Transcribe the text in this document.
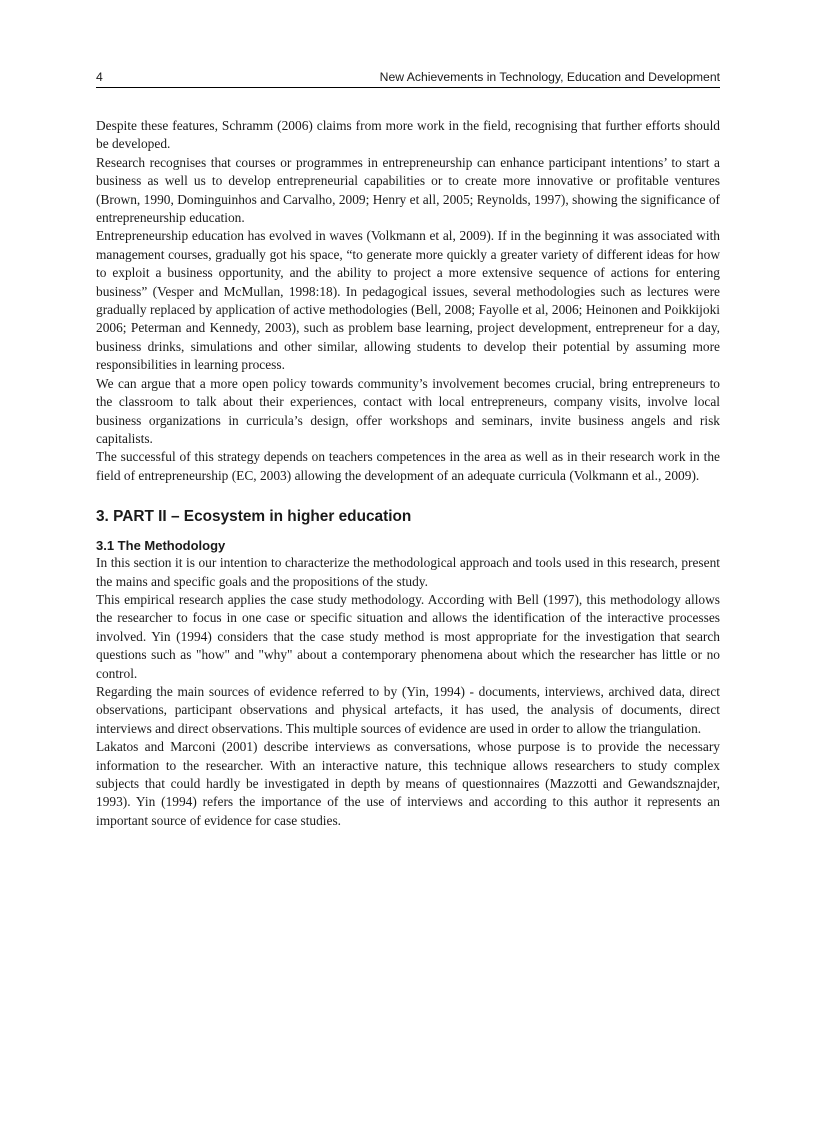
4	New Achievements in Technology, Education and Development

Despite these features, Schramm (2006) claims from more work in the field, recognising that further efforts should be developed.

Research recognises that courses or programmes in entrepreneurship can enhance participant intentions’ to start a business as well us to develop entrepreneurial capabilities or to create more innovative or profitable ventures (Brown, 1990, Dominguinhos and Carvalho, 2009; Henry et all, 2005; Reynolds, 1997), showing the significance of entrepreneurship education.

Entrepreneurship education has evolved in waves (Volkmann et al, 2009). If in the beginning it was associated with management courses, gradually got his space, “to generate more quickly a greater variety of different ideas for how to exploit a business opportunity, and the ability to project a more extensive sequence of actions for entering business” (Vesper and McMullan, 1998:18). In pedagogical issues, several methodologies such as lectures were gradually replaced by application of active methodologies (Bell, 2008; Fayolle et al, 2006; Heinonen and Poikkijoki 2006; Peterman and Kennedy, 2003), such as problem base learning, project development, entrepreneur for a day, business drinks, simulations and other similar, allowing students to develop their potential by assuming more responsibilities in learning process.

We can argue that a more open policy towards community’s involvement becomes crucial, bring entrepreneurs to the classroom to talk about their experiences, contact with local entrepreneurs, company visits, involve local business organizations in curricula’s design, offer workshops and seminars, invite business angels and risk capitalists.

The successful of this strategy depends on teachers competences in the area as well as in their research work in the field of entrepreneurship (EC, 2003) allowing the development of an adequate curricula (Volkmann et al., 2009).

3. PART II – Ecosystem in higher education
3.1 The Methodology

In this section it is our intention to characterize the methodological approach and tools used in this research, present the mains and specific goals and the propositions of the study.

This empirical research applies the case study methodology. According with Bell (1997), this methodology allows the researcher to focus in one case or specific situation and allows the identification of the interactive processes involved. Yin (1994) considers that the case study method is most appropriate for the investigation that search questions such as "how" and "why" about a contemporary phenomena about which the researcher has little or no control.

Regarding the main sources of evidence referred to by (Yin, 1994) - documents, interviews, archived data, direct observations, participant observations and physical artefacts, it has used, the analysis of documents, direct interviews and direct observations. This multiple sources of evidence are used in order to allow the triangulation.

Lakatos and Marconi (2001) describe interviews as conversations, whose purpose is to provide the necessary information to the researcher. With an interactive nature, this technique allows researchers to study complex subjects that could hardly be investigated in depth by means of questionnaires (Mazzotti and Gewandsznajder, 1993). Yin (1994) refers the importance of the use of interviews and according to this author it represents an important source of evidence for case studies.
